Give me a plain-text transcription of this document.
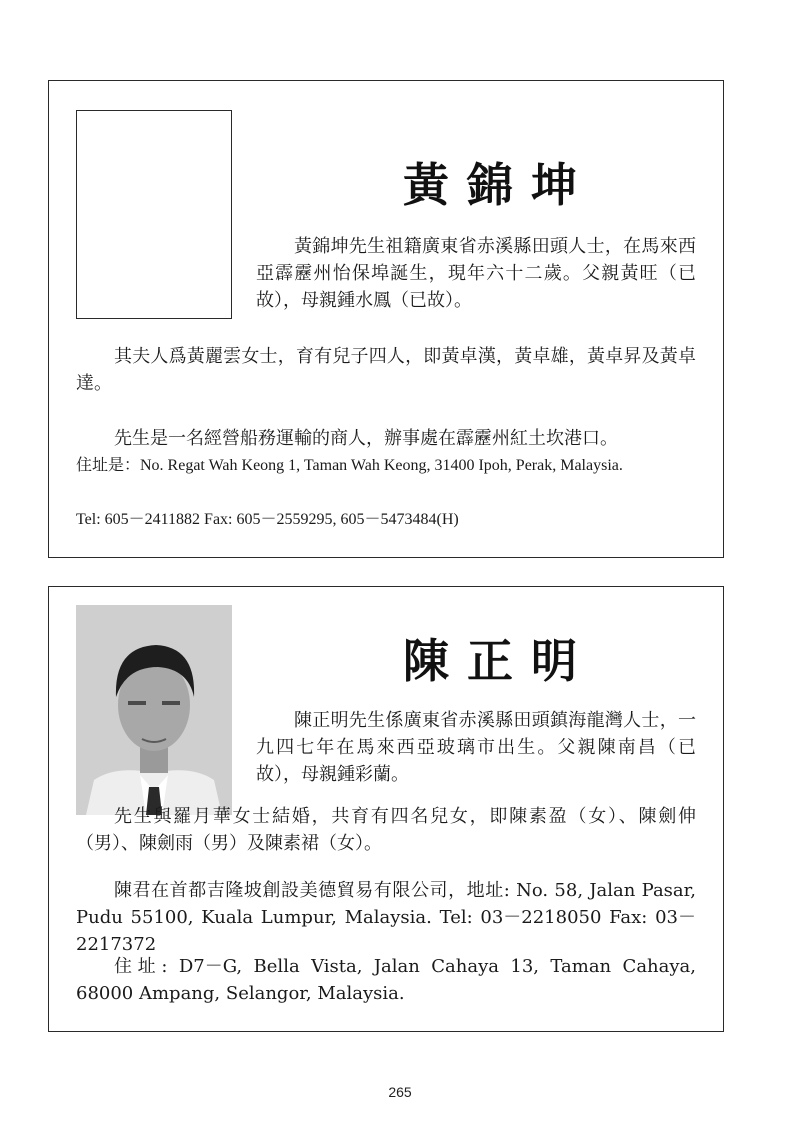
黃錦坤

黃錦坤先生祖籍廣東省赤溪縣田頭人士，在馬來西亞霹靂州怡保埠誕生，現年六十二歲。父親黃旺（已故），母親鍾水鳳（已故）。

其夫人爲黃麗雲女士，育有兒子四人，即黃卓漢，黃卓雄，黃卓昇及黃卓達。

先生是一名經營船務運輸的商人，辦事處在霹靂州紅土坎港口。

住址是：No. Regat Wah Keong 1, Taman Wah Keong, 31400 Ipoh, Perak, Malaysia.

Tel: 605－2411882 Fax: 605－2559295, 605－5473484(H)

陳正明

陳正明先生係廣東省赤溪縣田頭鎮海龍灣人士，一九四七年在馬來西亞玻璃市出生。父親陳南昌（已故），母親鍾彩蘭。

先生與羅月華女士結婚，共育有四名兒女，即陳素盈（女）、陳劍伸（男）、陳劍雨（男）及陳素裙（女）。

陳君在首都吉隆坡創設美德貿易有限公司，地址: No. 58, Jalan Pasar, Pudu 55100, Kuala Lumpur, Malaysia. Tel: 03－2218050 Fax: 03－2217372

住址: D7－G, Bella Vista, Jalan Cahaya 13, Taman Cahaya, 68000 Ampang, Selangor, Malaysia.

265
